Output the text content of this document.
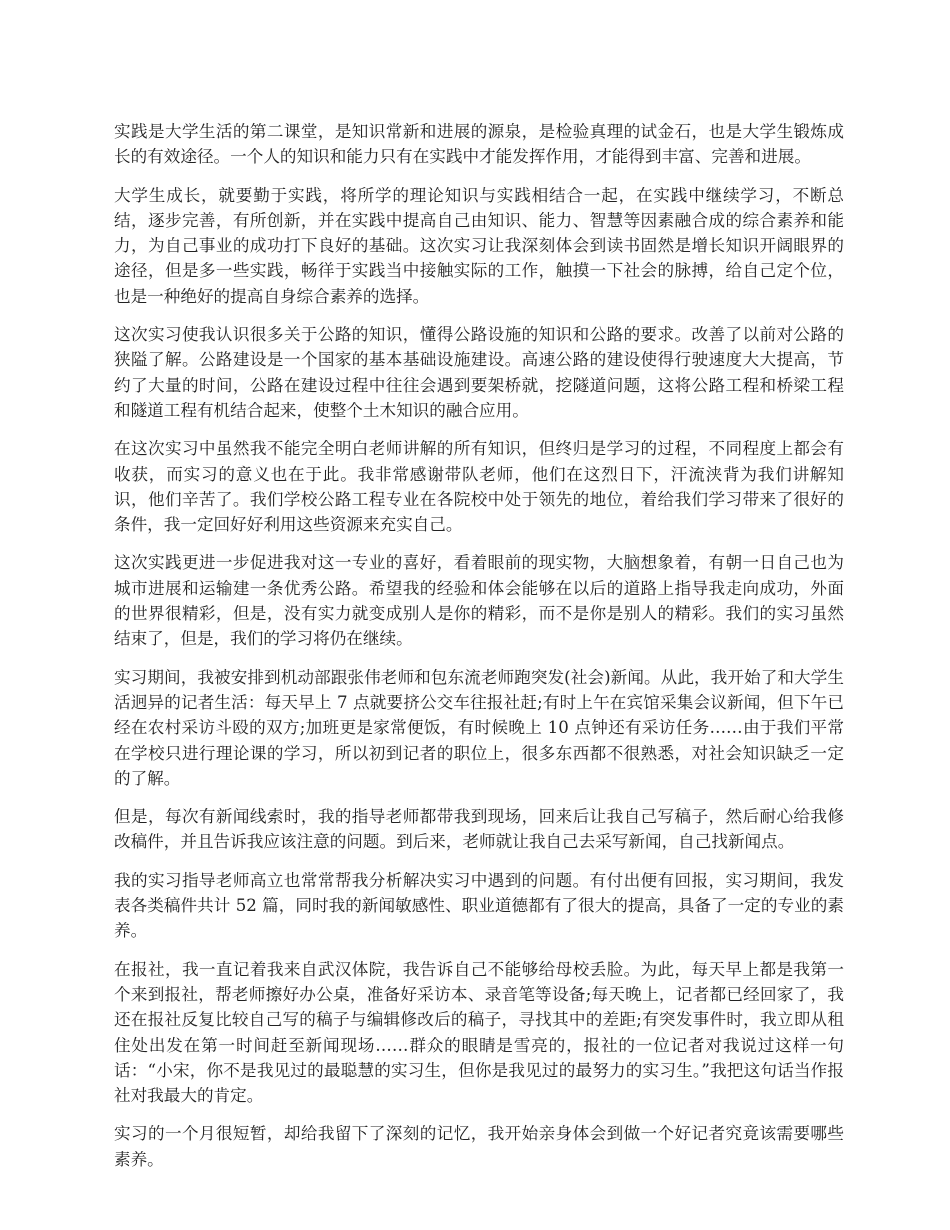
实践是大学生活的第二课堂，是知识常新和进展的源泉，是检验真理的试金石，也是大学生锻炼成长的有效途径。一个人的知识和能力只有在实践中才能发挥作用，才能得到丰富、完善和进展。

大学生成长，就要勤于实践，将所学的理论知识与实践相结合一起，在实践中继续学习，不断总结，逐步完善，有所创新，并在实践中提高自己由知识、能力、智慧等因素融合成的综合素养和能力，为自己事业的成功打下良好的基础。这次实习让我深刻体会到读书固然是增长知识开阔眼界的途径，但是多一些实践，畅徉于实践当中接触实际的工作，触摸一下社会的脉搏，给自己定个位，也是一种绝好的提高自身综合素养的选择。

这次实习使我认识很多关于公路的知识，懂得公路设施的知识和公路的要求。改善了以前对公路的狭隘了解。公路建设是一个国家的基本基础设施建设。高速公路的建设使得行驶速度大大提高，节约了大量的时间，公路在建设过程中往往会遇到要架桥就，挖隧道问题，这将公路工程和桥梁工程和隧道工程有机结合起来，使整个土木知识的融合应用。

在这次实习中虽然我不能完全明白老师讲解的所有知识，但终归是学习的过程，不同程度上都会有收获，而实习的意义也在于此。我非常感谢带队老师，他们在这烈日下，汗流浃背为我们讲解知识，他们辛苦了。我们学校公路工程专业在各院校中处于领先的地位，着给我们学习带来了很好的条件，我一定回好好利用这些资源来充实自己。

这次实践更进一步促进我对这一专业的喜好，看着眼前的现实物，大脑想象着，有朝一日自己也为城市进展和运输建一条优秀公路。希望我的经验和体会能够在以后的道路上指导我走向成功，外面的世界很精彩，但是，没有实力就变成别人是你的精彩，而不是你是别人的精彩。我们的实习虽然结束了，但是，我们的学习将仍在继续。

实习期间，我被安排到机动部跟张伟老师和包东流老师跑突发(社会)新闻。从此，我开始了和大学生活迥异的记者生活：每天早上 7 点就要挤公交车往报社赶;有时上午在宾馆采集会议新闻，但下午已经在农村采访斗殴的双方;加班更是家常便饭，有时候晚上 10 点钟还有采访任务……由于我们平常在学校只进行理论课的学习，所以初到记者的职位上，很多东西都不很熟悉，对社会知识缺乏一定的了解。

但是，每次有新闻线索时，我的指导老师都带我到现场，回来后让我自己写稿子，然后耐心给我修改稿件，并且告诉我应该注意的问题。到后来，老师就让我自己去采写新闻，自己找新闻点。

我的实习指导老师高立也常常帮我分析解决实习中遇到的问题。有付出便有回报，实习期间，我发表各类稿件共计 52 篇，同时我的新闻敏感性、职业道德都有了很大的提高，具备了一定的专业的素养。

在报社，我一直记着我来自武汉体院，我告诉自己不能够给母校丢脸。为此，每天早上都是我第一个来到报社，帮老师擦好办公桌，准备好采访本、录音笔等设备;每天晚上，记者都已经回家了，我还在报社反复比较自己写的稿子与编辑修改后的稿子，寻找其中的差距;有突发事件时，我立即从租住处出发在第一时间赶至新闻现场……群众的眼睛是雪亮的，报社的一位记者对我说过这样一句话：“小宋，你不是我见过的最聪慧的实习生，但你是我见过的最努力的实习生。”我把这句话当作报社对我最大的肯定。

实习的一个月很短暂，却给我留下了深刻的记忆，我开始亲身体会到做一个好记者究竟该需要哪些素养。
